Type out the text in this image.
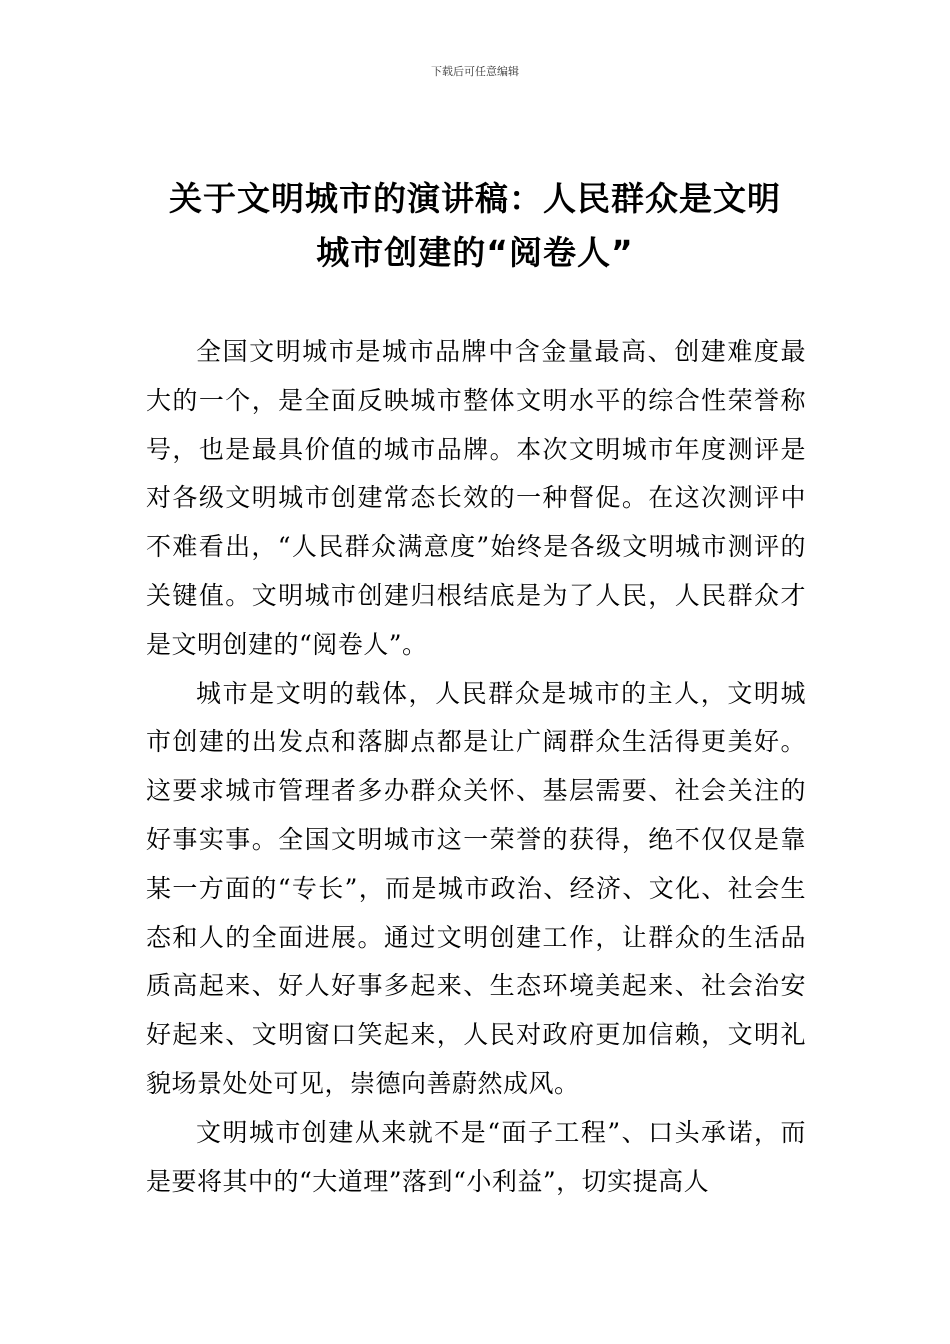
下载后可任意编辑
关于文明城市的演讲稿：人民群众是文明
城市创建的“阅卷人”

全国文明城市是城市品牌中含金量最高、创建难度最大的一个，是全面反映城市整体文明水平的综合性荣誉称号，也是最具价值的城市品牌。本次文明城市年度测评是对各级文明城市创建常态长效的一种督促。在这次测评中不难看出，“人民群众满意度”始终是各级文明城市测评的关键值。文明城市创建归根结底是为了人民，人民群众才是文明创建的“阅卷人”。

城市是文明的载体，人民群众是城市的主人，文明城市创建的出发点和落脚点都是让广阔群众生活得更美好。这要求城市管理者多办群众关怀、基层需要、社会关注的好事实事。全国文明城市这一荣誉的获得，绝不仅仅是靠某一方面的“专长”，而是城市政治、经济、文化、社会生态和人的全面进展。通过文明创建工作，让群众的生活品质高起来、好人好事多起来、生态环境美起来、社会治安好起来、文明窗口笑起来，人民对政府更加信赖，文明礼貌场景处处可见，崇德向善蔚然成风。

文明城市创建从来就不是“面子工程”、口头承诺，而是要将其中的“大道理”落到“小利益”，切实提高人
